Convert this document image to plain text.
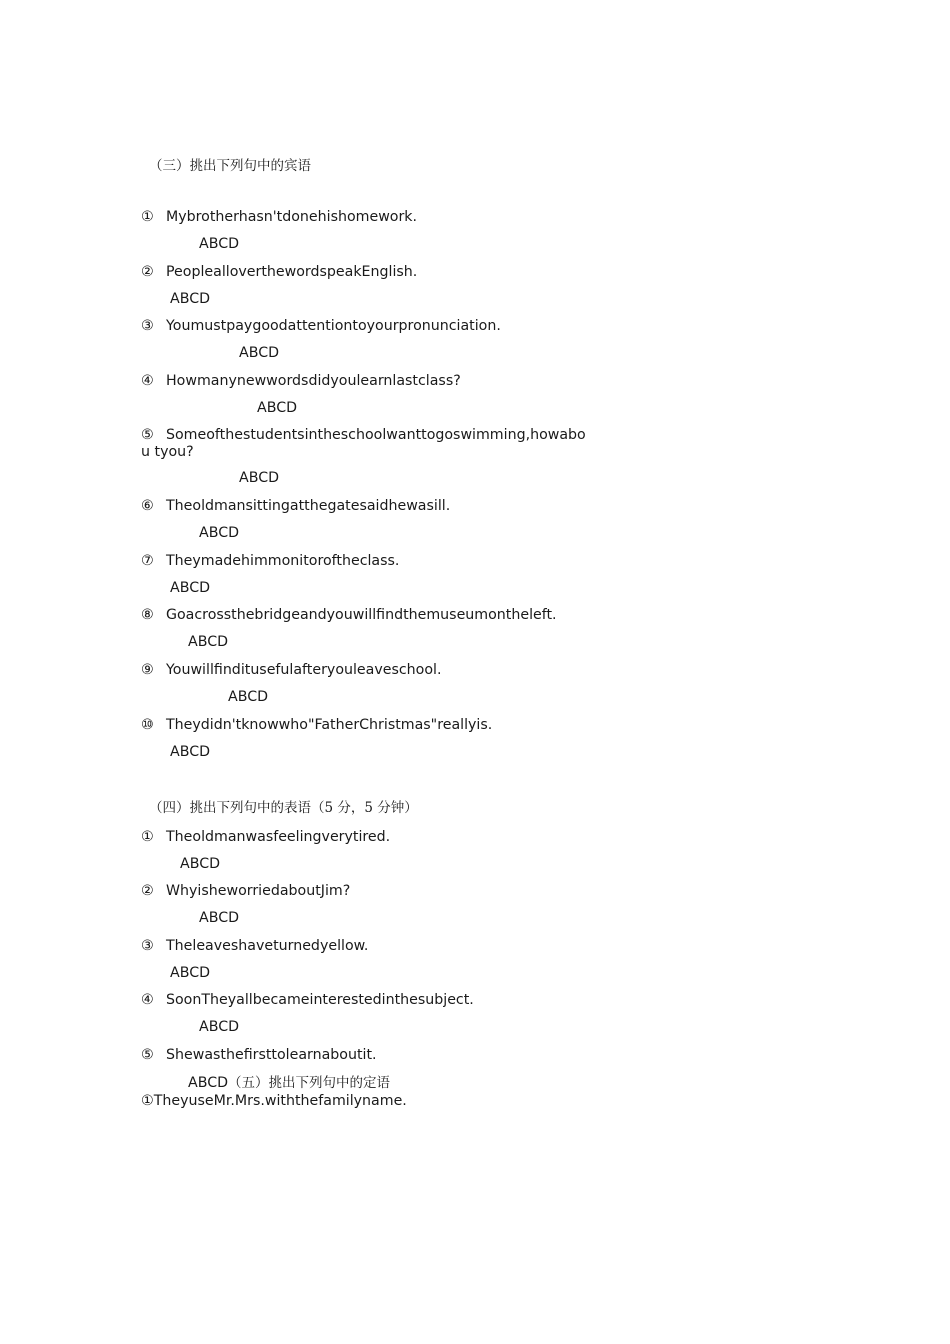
（三）挑出下列句中的宾语
① Mybrotherhasn'tdonehishomework.
ABCD
② PeoplealloverthewordspeakEnglish.
ABCD
③ Youmustpaygoodattentiontoyourpronunciation.
ABCD
④ Howmanynewwordsdidyoulearnlastclass?
ABCD
⑤ Someofthestudentsintheschoolwanttogoswimming,howabou tyou?
ABCD
⑥ Theoldmansittingatthegatesaidhewasill.
ABCD
⑦ Theymadehimmonitoroftheclass.
ABCD
⑧ Goacrossthebridgeandyouwillfindthemuseumontheleft.
ABCD
⑨ Youwillfinditusefulafteryouleaveschool.
ABCD
⑩ Theydidn'tknowwho"FatherChristmas"reallyis.
ABCD
（四）挑出下列句中的表语（5 分，5 分钟）
① Theoldmanwasfeelingverytired.
ABCD
② WhyisheworriedaboutJim?
ABCD
③ Theleaveshaveturnedyellow.
ABCD
④ SoonTheyallbecameinterestedinthesubject.
ABCD
⑤ Shewasthefirsttolearnaboutit.
ABCD（五）挑出下列句中的定语
①TheyuseMr.Mrs.withthefamilyname.
